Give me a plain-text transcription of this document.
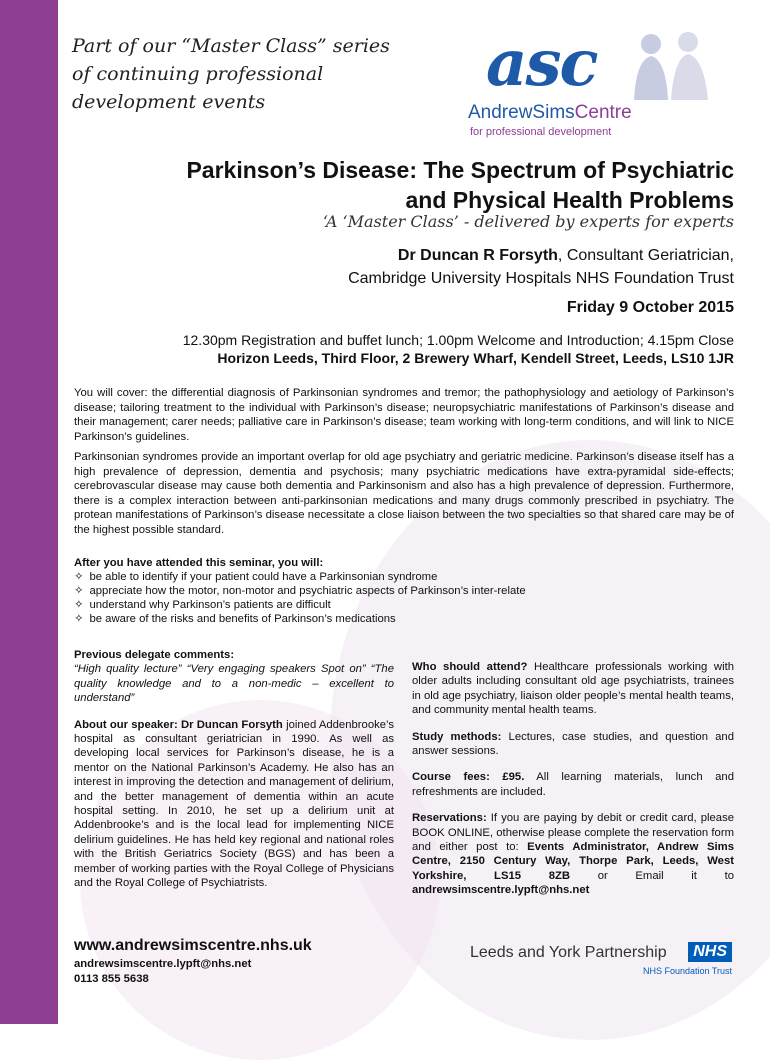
Part of our “Master Class” series
of continuing professional
development events
asc
AndrewSimsCentre
for professional development
Parkinson’s Disease: The Spectrum of Psychiatric
and Physical Health Problems
‘A ‘Master Class’ - delivered by experts for experts
Dr Duncan R Forsyth, Consultant Geriatrician,
Cambridge University Hospitals NHS Foundation Trust
Friday 9 October 2015
12.30pm Registration and buffet lunch; 1.00pm Welcome and Introduction; 4.15pm Close
Horizon Leeds, Third Floor, 2 Brewery Wharf, Kendell Street, Leeds, LS10 1JR
You will cover: the differential diagnosis of Parkinsonian syndromes and tremor; the pathophysiology and aetiology of Parkinson’s disease; tailoring treatment to the individual with Parkinson’s disease; neuropsychiatric manifestations of Parkinson’s disease and their management; carer needs; palliative care in Parkinson’s disease; team working with long-term conditions, and will link to NICE Parkinson’s guidelines.
Parkinsonian syndromes provide an important overlap for old age psychiatry and geriatric medicine. Parkinson’s disease itself has a high prevalence of depression, dementia and psychosis; many psychiatric medications have extra-pyramidal side-effects; cerebrovascular disease may cause both dementia and Parkinsonism and also has a high prevalence of depression. Furthermore, there is a complex interaction between anti-parkinsonian medications and many drugs commonly prescribed in psychiatry. The protean manifestations of Parkinson’s disease necessitate a close liaison between the two specialties so that shared care may be of the highest possible standard.
After you have attended this seminar, you will:
✧ be able to identify if your patient could have a Parkinsonian syndrome
✧ appreciate how the motor, non-motor and psychiatric aspects of Parkinson’s inter-relate
✧ understand why Parkinson’s patients are difficult
✧ be aware of the risks and benefits of Parkinson’s medications

Previous delegate comments:
“High quality lecture” “Very engaging speakers Spot on” “The quality knowledge and to a non-medic – excellent to understand”

About our speaker: Dr Duncan Forsyth joined Addenbrooke’s hospital as consultant geriatrician in 1990. As well as developing local services for Parkinson’s disease, he is a mentor on the National Parkinson’s Academy. He also has an interest in improving the detection and management of delirium, and the better management of dementia within an acute hospital setting. In 2010, he set up a delirium unit at Addenbrooke’s and is the local lead for implementing NICE delirium guidelines. He has held key regional and national roles with the British Geriatrics Society (BGS) and has been a member of working parties with the Royal College of Physicians and the Royal College of Psychiatrists.

Who should attend? Healthcare professionals working with older adults including consultant old age psychiatrists, trainees in old age psychiatry, liaison older people’s mental health teams, and community mental health teams.

Study methods: Lectures, case studies, and question and answer sessions.

Course fees: £95. All learning materials, lunch and refreshments are included.

Reservations: If you are paying by debit or credit card, please BOOK ONLINE, otherwise please complete the reservation form and either post to: Events Administrator, Andrew Sims Centre, 2150 Century Way, Thorpe Park, Leeds, West Yorkshire, LS15 8ZB or Email it to andrewsimscentre.lypft@nhs.net

www.andrewsimscentre.nhs.uk
andrewsimscentre.lypft@nhs.net
0113 855 5638
Leeds and York Partnership	NHS
NHS Foundation Trust
